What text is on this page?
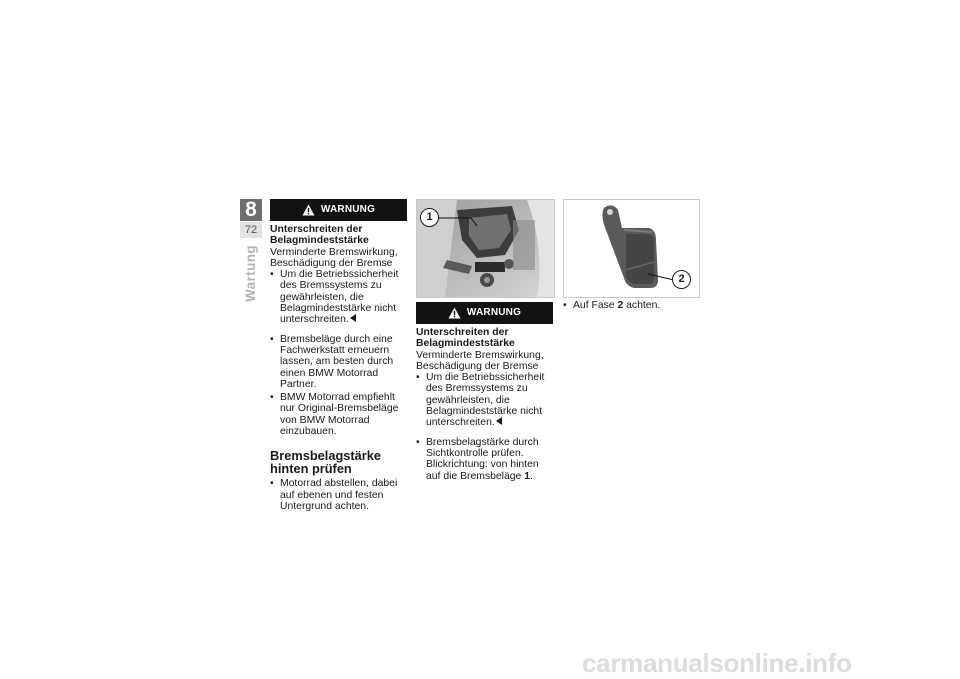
8
72
Wartung
WARNUNG
Unterschreiten der Belagmindeststärke

Verminderte Bremswirkung, Beschädigung der Bremse

• Um die Betriebssicherheit des Bremssystems zu gewährleisten, die Belagmindeststärke nicht unterschreiten.
• Bremsbeläge durch eine Fachwerkstatt erneuern lassen, am besten durch einen BMW Motorrad Partner.
• BMW Motorrad empfiehlt nur Original-Bremsbeläge von BMW Motorrad einzubauen.
Bremsbelagstärke hinten prüfen
• Motorrad abstellen, dabei auf ebenen und festen Untergrund achten.
1
WARNUNG
Unterschreiten der Belagmindeststärke

Verminderte Bremswirkung, Beschädigung der Bremse

• Um die Betriebssicherheit des Bremssystems zu gewährleisten, die Belagmindeststärke nicht unterschreiten.
• Bremsbelagstärke durch Sichtkontrolle prüfen. Blickrichtung: von hinten auf die Bremsbeläge 1.
2
• Auf Fase 2 achten.
carmanualsonline.info
